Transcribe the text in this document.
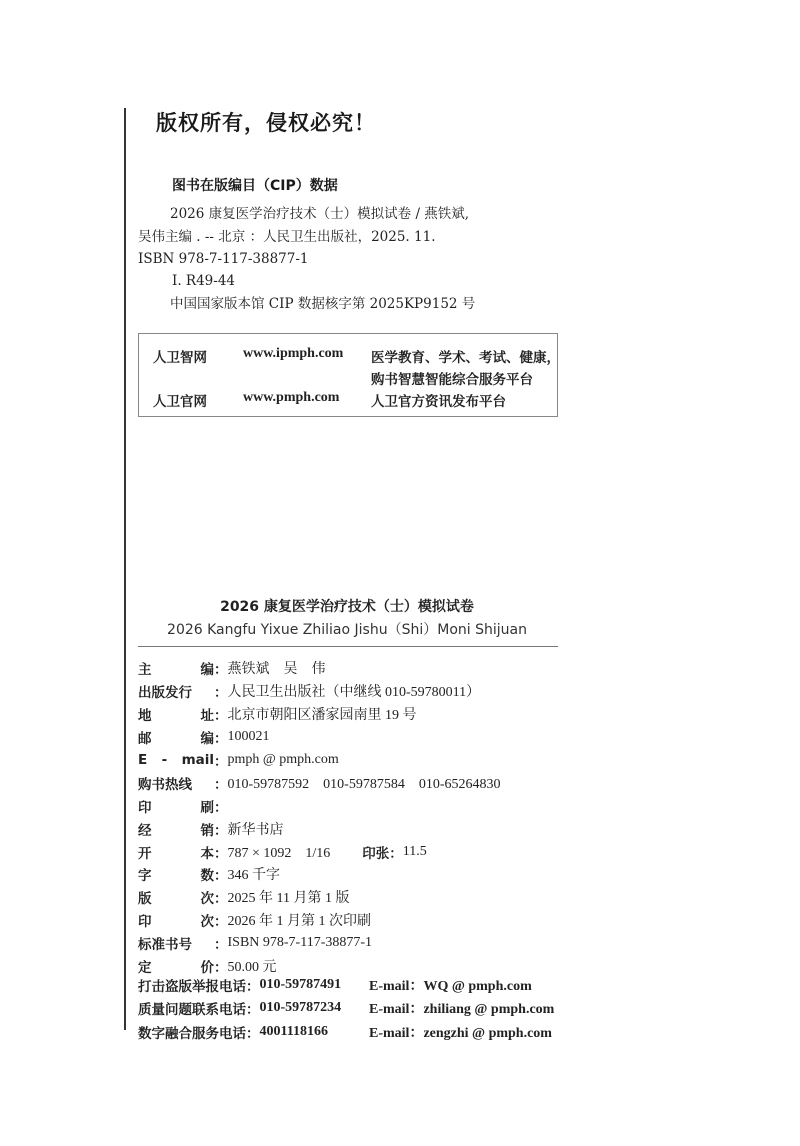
版权所有，侵权必究！
图书在版编目（CIP）数据
2026 康复医学治疗技术（士）模拟试卷 / 燕铁斌,
吴伟主编 . -- 北京 ：人民卫生出版社，2025. 11.
ISBN 978-7-117-38877-1
Ⅰ. R49-44
中国国家版本馆 CIP 数据核字第 2025KP9152 号
人卫智网	www.ipmph.com 医学教育、学术、考试、健康，
购书智慧智能综合服务平台
人卫官网	www.pmph.com 人卫官方资讯发布平台
2026 康复医学治疗技术（士）模拟试卷
2026 Kangfu Yixue Zhiliao Jishu（Shi）Moni Shijuan
主	编 ： 燕铁斌　吴　伟
出版发行 ： 人民卫生出版社（中继线 010-59780011）
地	址 ： 北京市朝阳区潘家园南里 19 号
邮	编 ： 100021
E - mail ： pmph @ pmph.com
购书热线 ： 010-59787592　010-59787584　010-65264830
印	刷 ：
经	销 ： 新华书店
开	本 ： 787 × 1092　1/16 印张： 11.5
字	数 ： 346 千字
版	次 ： 2025 年 11 月第 1 版
印	次 ： 2026 年 1 月第 1 次印刷
标准书号 ： ISBN 978-7-117-38877-1
定	价 ： 50.00 元
打击盗版举报电话： 010-59787491 E-mail：WQ @ pmph.com
质量问题联系电话： 010-59787234 E-mail：zhiliang @ pmph.com
数字融合服务电话： 4001118166	E-mail：zengzhi @ pmph.com
